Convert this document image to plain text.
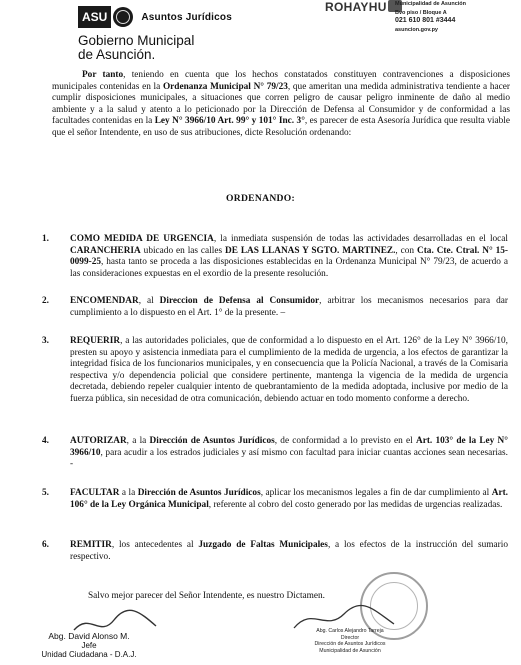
ASU	Asuntos Jurídicos
Gobierno Municipal
de Asunción.
ROHAYHU	Municipalidad de Asunción
Bvo piso / Bloque A
021 610 801 #3444
asuncion.gov.py
Por tanto, teniendo en cuenta que los hechos constatados constituyen contravenciones a disposiciones municipales contenidas en la Ordenanza Municipal N° 79/23, que ameritan una medida administrativa tendiente a hacer cumplir disposiciones municipales, a situaciones que corren peligro de causar peligro inminente de daño al medio ambiente y a la salud y atento a lo peticionado por la Dirección de Defensa al Consumidor y de conformidad a las facultades contenidas en la Ley N° 3966/10 Art. 99° y 101° Inc. 3°, es parecer de esta Asesoría Jurídica que resulta viable que el señor Intendente, en uso de sus atribuciones, dicte Resolución ordenando:
ORDENANDO:
1.	COMO MEDIDA DE URGENCIA, la inmediata suspensión de todas las actividades desarrolladas en el local CARANCHERIA ubicado en las calles DE LAS LLANAS Y SGTO. MARTINEZ., con Cta. Cte. Ctral. N° 15-0099-25, hasta tanto se proceda a las disposiciones establecidas en la Ordenanza Municipal N° 79/23, de acuerdo a las consideraciones expuestas en el exordio de la presente resolución.
2.	ENCOMENDAR, al Direccion de Defensa al Consumidor, arbitrar los mecanismos necesarios para dar cumplimiento a lo dispuesto en el Art. 1° de la presente. –
3.	REQUERIR, a las autoridades policiales, que de conformidad a lo dispuesto en el Art. 126° de la Ley N° 3966/10, presten su apoyo y asistencia inmediata para el cumplimiento de la medida de urgencia, a los efectos de garantizar la integridad física de los funcionarios municipales, y en consecuencia que la Policía Nacional, a través de la Comisaria respectiva y/o dependencia policial que considere pertinente, mantenga la vigencia de la medida de urgencia decretada, debiendo repeler cualquier intento de quebrantamiento de la medida adoptada, inclusive por medio de la fuerza pública, sin necesidad de otra comunicación, debiendo actuar en todo momento conforme a derecho.
4.	AUTORIZAR, a la Dirección de Asuntos Jurídicos, de conformidad a lo previsto en el Art. 103° de la Ley N° 3966/10, para acudir a los estrados judiciales y así mismo con facultad para iniciar cuantas acciones sean necesarias. -
5.	FACULTAR a la Dirección de Asuntos Jurídicos, aplicar los mecanismos legales a fin de dar cumplimiento al Art. 106° de la Ley Orgánica Municipal, referente al cobro del costo generado por las medidas de urgencias realizadas.
6.	REMITIR, los antecedentes al Juzgado de Faltas Municipales, a los efectos de la instrucción del sumario respectivo.
Salvo mejor parecer del Señor Intendente, es nuestro Dictamen.
Abg. David Alonso M.
Jefe
Unidad Ciudadana - D.A.J.
Abg. Carlos Alejandro Tarreja
Director
Dirección de Asuntos Jurídicos
Municipalidad de Asunción
